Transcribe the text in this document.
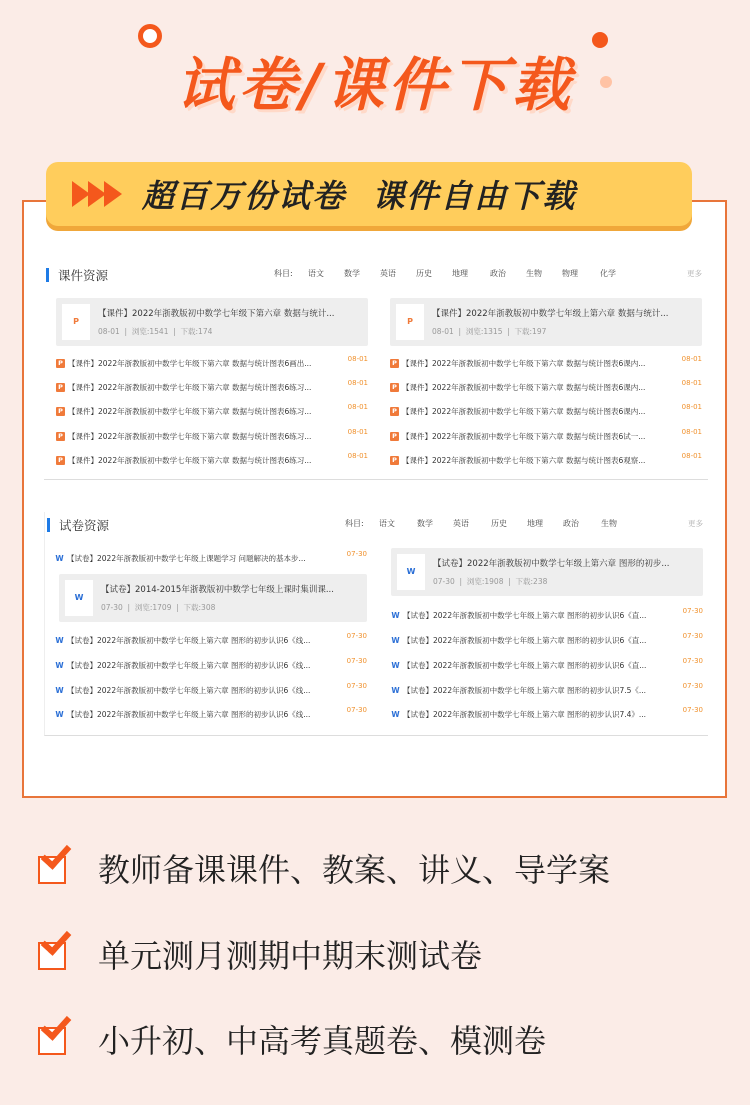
试卷/课件下载
超百万份试卷  课件自由下载
课件资源	科目: 语文	数学	英语	历史	地理	政治	生物	物理	化学	更多
P
【课件】2022年浙教版初中数学七年级下第六章 数据与统计...
08-01  |  浏览:1541  |  下载:174
P
【课件】2022年浙教版初中数学七年级上第六章 数据与统计...
08-01  |  浏览:1315  |  下载:197
P 【课件】2022年浙教版初中数学七年级下第六章 数据与统计图表6画出...	08-01
P 【课件】2022年浙教版初中数学七年级下第六章 数据与统计图表6练习...	08-01
P 【课件】2022年浙教版初中数学七年级下第六章 数据与统计图表6练习...	08-01
P 【课件】2022年浙教版初中数学七年级下第六章 数据与统计图表6练习...	08-01
P 【课件】2022年浙教版初中数学七年级下第六章 数据与统计图表6练习...	08-01
P 【课件】2022年浙教版初中数学七年级下第六章 数据与统计图表6课内...	08-01
P 【课件】2022年浙教版初中数学七年级下第六章 数据与统计图表6课内...	08-01
P 【课件】2022年浙教版初中数学七年级下第六章 数据与统计图表6课内...	08-01
P 【课件】2022年浙教版初中数学七年级下第六章 数据与统计图表6试一...	08-01
P 【课件】2022年浙教版初中数学七年级下第六章 数据与统计图表6观察...	08-01
试卷资源	科目: 语文	数学	英语	历史	地理	政治	生物	更多
W 【试卷】2022年浙教版初中数学七年级上课题学习 问题解决的基本步...	07-30
W
【试卷】2014-2015年浙教版初中数学七年级上课时集训课...
07-30  |  浏览:1709  |  下载:308
W
【试卷】2022年浙教版初中数学七年级上第六章 图形的初步...
07-30  |  浏览:1908  |  下载:238
W 【试卷】2022年浙教版初中数学七年级上第六章 图形的初步认识6《线...	07-30
W 【试卷】2022年浙教版初中数学七年级上第六章 图形的初步认识6《线...	07-30
W 【试卷】2022年浙教版初中数学七年级上第六章 图形的初步认识6《线...	07-30
W 【试卷】2022年浙教版初中数学七年级上第六章 图形的初步认识6《线...	07-30
W 【试卷】2022年浙教版初中数学七年级上第六章 图形的初步认识6《直...	07-30
W 【试卷】2022年浙教版初中数学七年级上第六章 图形的初步认识6《直...	07-30
W 【试卷】2022年浙教版初中数学七年级上第六章 图形的初步认识6《直...	07-30
W 【试卷】2022年浙教版初中数学七年级上第六章 图形的初步认识7.5《...	07-30
W 【试卷】2022年浙教版初中数学七年级上第六章 图形的初步认识7.4》...	07-30
教师备课课件、教案、讲义、导学案
单元测月测期中期末测试卷
小升初、中高考真题卷、模测卷
